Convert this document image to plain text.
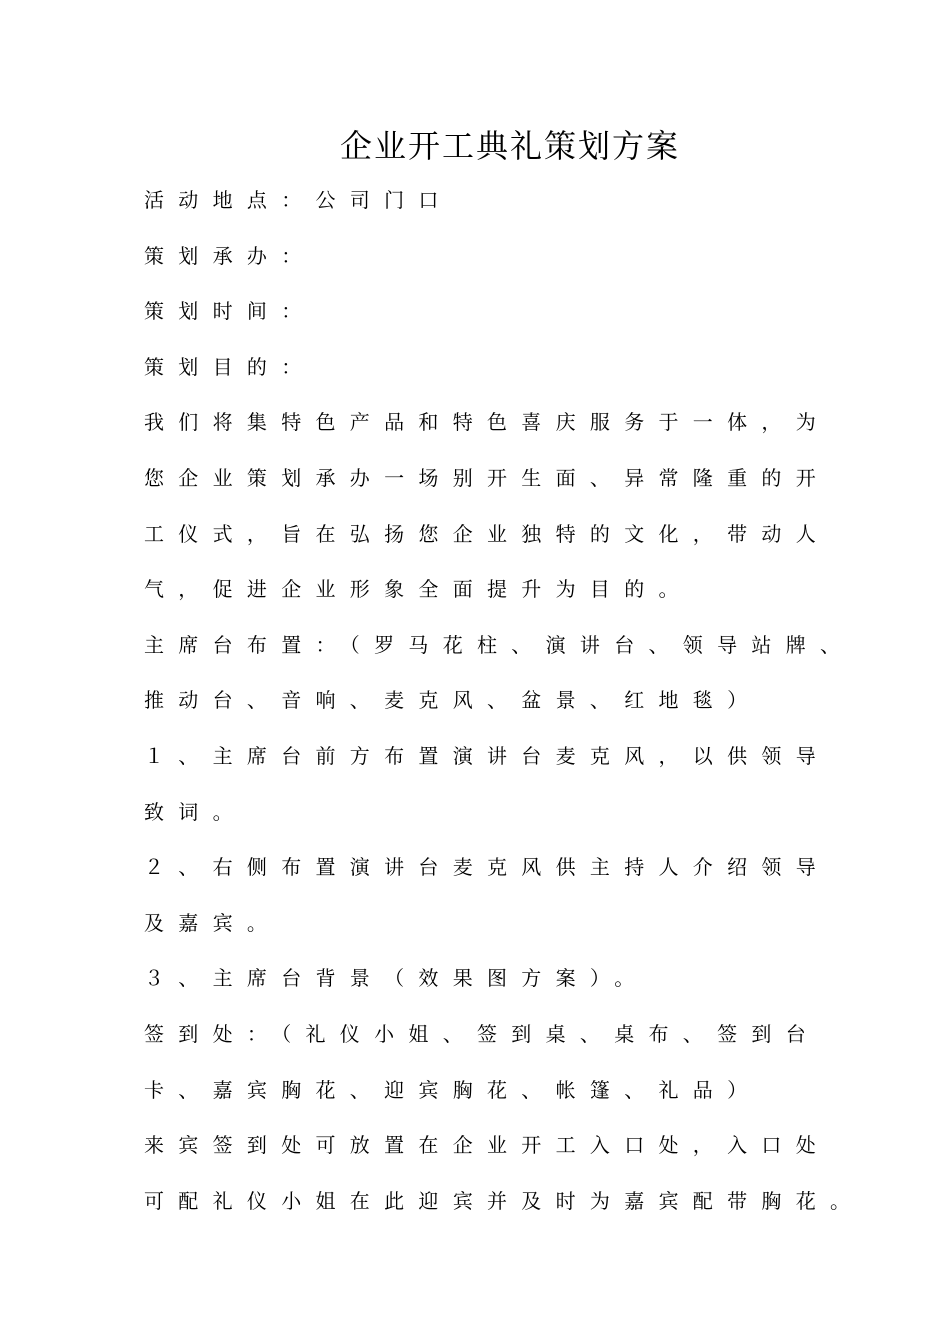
企业开工典礼策划方案
活动地点：公司门口
策划承办：
策划时间：
策划目的：
我们将集特色产品和特色喜庆服务于一体，为
您企业策划承办一场别开生面、异常隆重的开
工仪式，旨在弘扬您企业独特的文化，带动人
气，促进企业形象全面提升为目的。
主席台布置：（罗马花柱、演讲台、领导站牌、
推动台、音响、麦克风、盆景、红地毯）
１、主席台前方布置演讲台麦克风，以供领导
致词。
２、右侧布置演讲台麦克风供主持人介绍领导
及嘉宾。
３、主席台背景（效果图方案）。
签到处：（礼仪小姐、签到桌、桌布、签到台
卡、嘉宾胸花、迎宾胸花、帐篷、礼品）
来宾签到处可放置在企业开工入口处，入口处
可配礼仪小姐在此迎宾并及时为嘉宾配带胸花。
